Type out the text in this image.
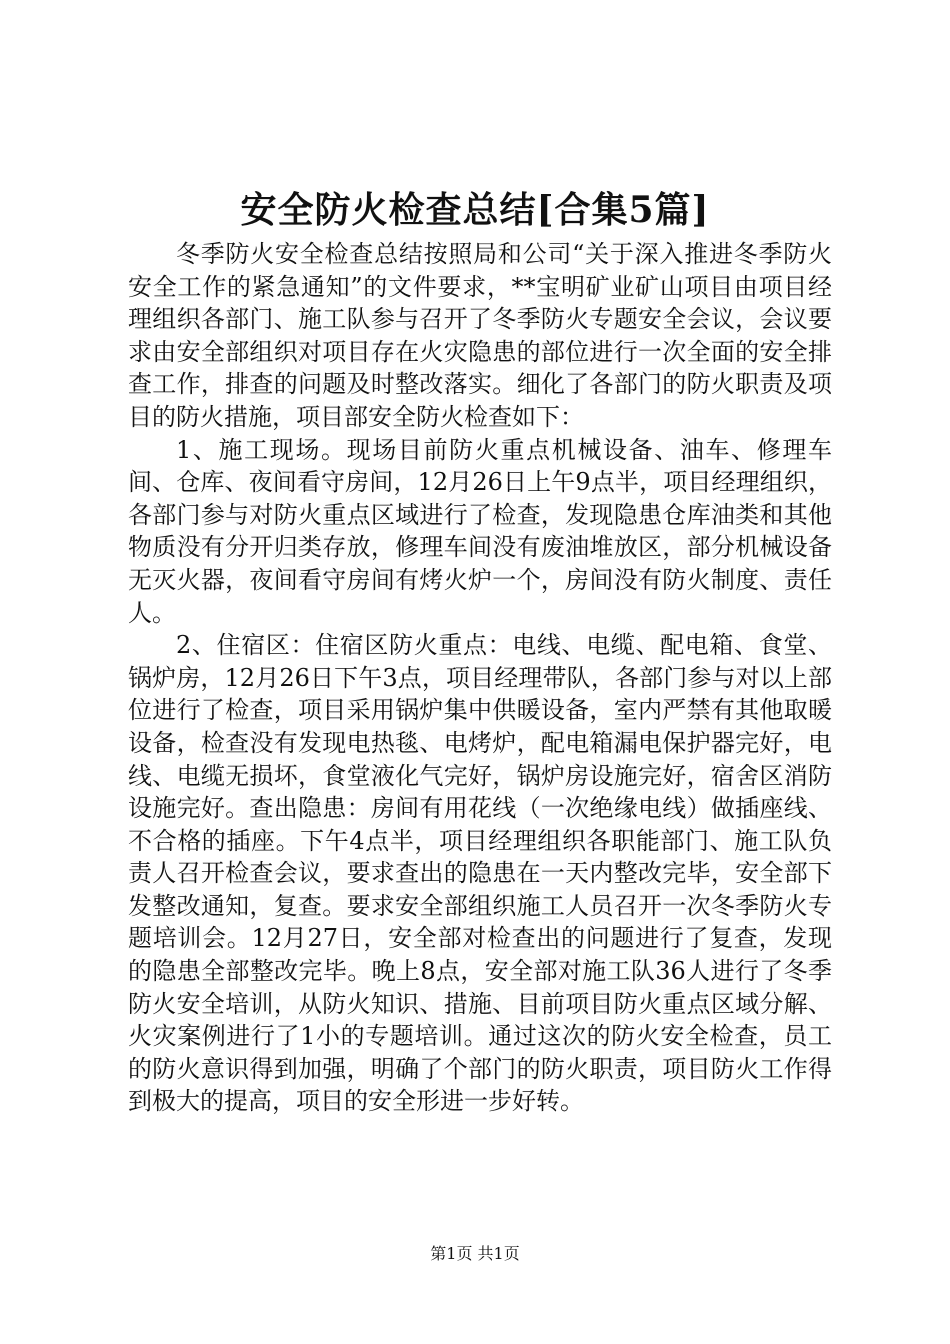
安全防火检查总结[合集5篇]

冬季防火安全检查总结按照局和公司“关于深入推进冬季防火安全工作的紧急通知”的文件要求，**宝明矿业矿山项目由项目经理组织各部门、施工队参与召开了冬季防火专题安全会议，会议要求由安全部组织对项目存在火灾隐患的部位进行一次全面的安全排查工作，排查的问题及时整改落实。细化了各部门的防火职责及项目的防火措施，项目部安全防火检查如下：

1、施工现场。现场目前防火重点机械设备、油车、修理车间、仓库、夜间看守房间，12月26日上午9点半，项目经理组织，各部门参与对防火重点区域进行了检查，发现隐患仓库油类和其他物质没有分开归类存放，修理车间没有废油堆放区，部分机械设备无灭火器，夜间看守房间有烤火炉一个，房间没有防火制度、责任人。

2、住宿区：住宿区防火重点：电线、电缆、配电箱、食堂、锅炉房，12月26日下午3点，项目经理带队，各部门参与对以上部位进行了检查，项目采用锅炉集中供暖设备，室内严禁有其他取暖设备，检查没有发现电热毯、电烤炉，配电箱漏电保护器完好，电线、电缆无损坏，食堂液化气完好，锅炉房设施完好，宿舍区消防设施完好。查出隐患：房间有用花线（一次绝缘电线）做插座线、不合格的插座。下午4点半，项目经理组织各职能部门、施工队负责人召开检查会议，要求查出的隐患在一天内整改完毕，安全部下发整改通知，复查。要求安全部组织施工人员召开一次冬季防火专题培训会。12月27日，安全部对检查出的问题进行了复查，发现的隐患全部整改完毕。晚上8点，安全部对施工队36人进行了冬季防火安全培训，从防火知识、措施、目前项目防火重点区域分解、火灾案例进行了1小的专题培训。通过这次的防火安全检查，员工的防火意识得到加强，明确了个部门的防火职责，项目防火工作得到极大的提高，项目的安全形进一步好转。

第1页 共1页
